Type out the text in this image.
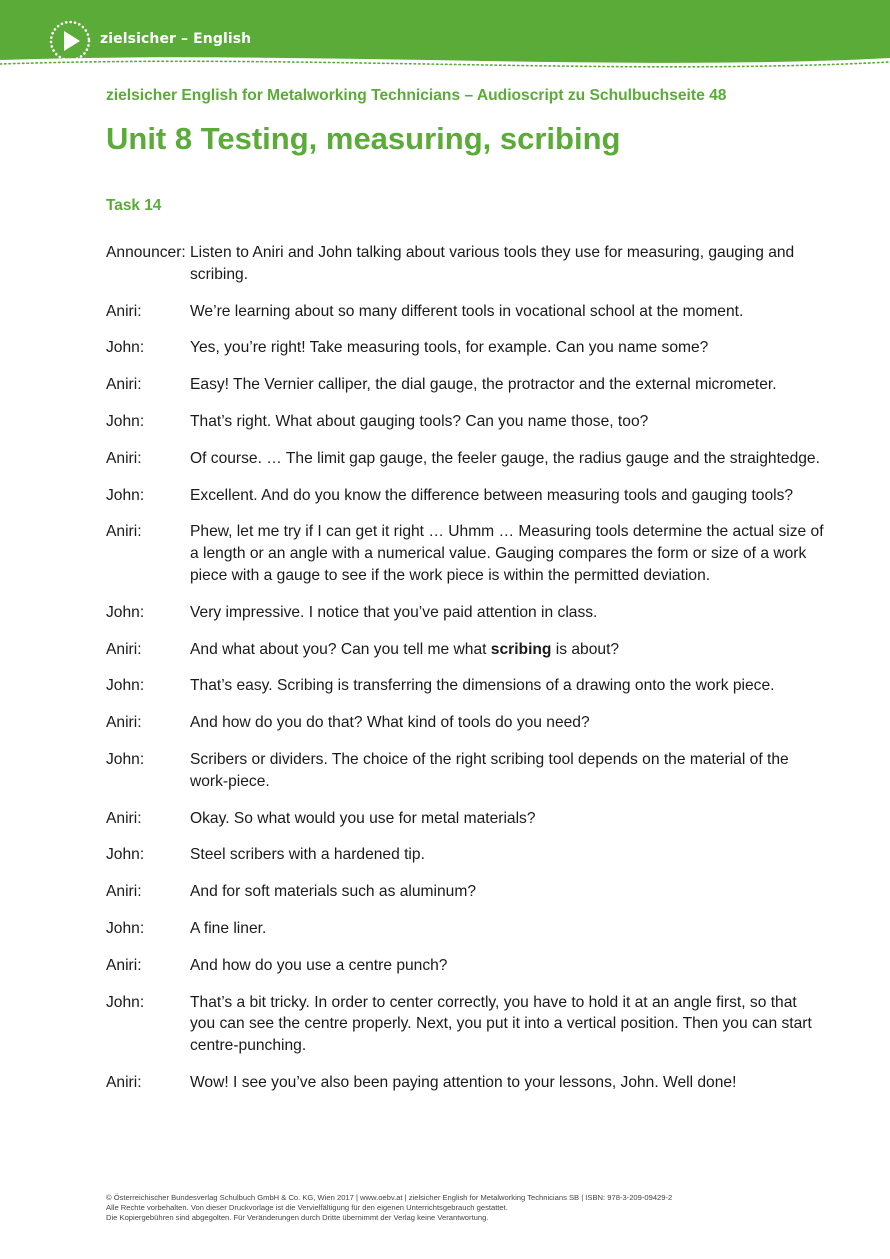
zielsicher – English
zielsicher English for Metalworking Technicians – Audioscript zu Schulbuchseite 48
Unit 8 Testing, measuring, scribing
Task 14
Announcer: Listen to Aniri and John talking about various tools they use for measuring, gauging and scribing.
Aniri:	We’re learning about so many different tools in vocational school at the moment.
John:	Yes, you’re right! Take measuring tools, for example. Can you name some?
Aniri:	Easy! The Vernier calliper, the dial gauge, the protractor and the external micrometer.
John:	That’s right. What about gauging tools? Can you name those, too?
Aniri:	Of course. … The limit gap gauge, the feeler gauge, the radius gauge and the straightedge.
John:	Excellent. And do you know the difference between measuring tools and gauging tools?
Aniri:	Phew, let me try if I can get it right … Uhmm … Measuring tools determine the actual size of a length or an angle with a numerical value. Gauging compares the form or size of a work piece with a gauge to see if the work piece is within the permitted deviation.
John:	Very impressive. I notice that you’ve paid attention in class.
Aniri:	And what about you? Can you tell me what scribing is about?
John:	That’s easy. Scribing is transferring the dimensions of a drawing onto the work piece.
Aniri:	And how do you do that? What kind of tools do you need?
John:	Scribers or dividers. The choice of the right scribing tool depends on the material of the work-piece.
Aniri:	Okay. So what would you use for metal materials?
John:	Steel scribers with a hardened tip.
Aniri:	And for soft materials such as aluminum?
John:	A fine liner.
Aniri:	And how do you use a centre punch?
John:	That’s a bit tricky. In order to center correctly, you have to hold it at an angle first, so that you can see the centre properly. Next, you put it into a vertical position. Then you can start centre-punching.
Aniri:	Wow! I see you’ve also been paying attention to your lessons, John. Well done!
© Österreichischer Bundesverlag Schulbuch GmbH & Co. KG, Wien 2017 | www.oebv.at | zielsicher English for Metalworking Technicians SB | ISBN: 978-3-209-09429-2
Alle Rechte vorbehalten. Von dieser Druckvorlage ist die Vervielfältigung für den eigenen Unterrichtsgebrauch gestattet.
Die Kopiergebühren sind abgegolten. Für Veränderungen durch Dritte übernimmt der Verlag keine Verantwortung.
